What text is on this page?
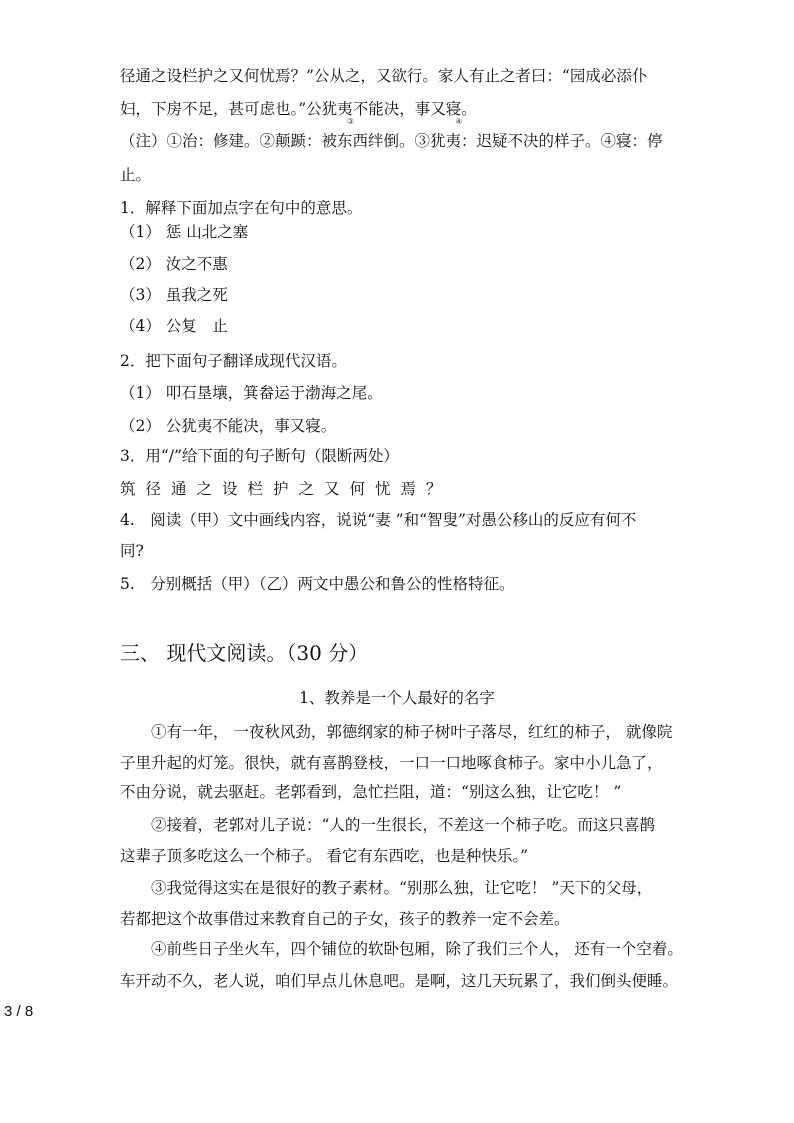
径通之设栏护之又何忧焉？”公从之，又欲行。家人有止之者曰：“园成必添仆
妇，下房不足，甚可虑也。”公犹夷
③
不能决，事又寝
④
。
（注）①治：修建。②颠踬：被东西绊倒。③犹夷：迟疑不决的样子。④寝：停
止。
1．解释下面加点字在句中的意思。
（1） 惩 山北之塞
（2） 汝之不惠
（3） 虽我之死
（4） 公复　止
2．把下面句子翻译成现代汉语。
（1） 叩石垦壤，箕畚运于渤海之尾。
（2） 公犹夷不能决，事又寝。
3．用“/”给下面的句子断句（限断两处）
筑径通之设栏护之又何忧焉？
4.　阅读（甲）文中画线内容，说说“妻 ”和“智叟”对愚公移山的反应有何不
同?
5.　分别概括（甲）（乙）两文中愚公和鲁公的性格特征。
三、 现代文阅读。（30 分）
1、教养是一个人最好的名字
　　①有一年， 一夜秋风劲，郭德纲家的柿子树叶子落尽，红红的柿子， 就像院
子里升起的灯笼。很快，就有喜鹊登枝，一口一口地啄食柿子。家中小儿急了，
不由分说，就去驱赶。老郭看到，急忙拦阻，道：“别这么独，让它吃！ ”
　　②接着，老郭对儿子说：“人的一生很长，不差这一个柿子吃。而这只喜鹊
这辈子顶多吃这么一个柿子。 看它有东西吃，也是种快乐。”
　　③我觉得这实在是很好的教子素材。“别那么独，让它吃！ ”天下的父母，
若都把这个故事借过来教育自己的子女，孩子的教养一定不会差。
　　④前些日子坐火车，四个铺位的软卧包厢，除了我们三个人， 还有一个空着。
车开动不久，老人说，咱们早点儿休息吧。是啊，这几天玩累了，我们倒头便睡。
3 / 8
